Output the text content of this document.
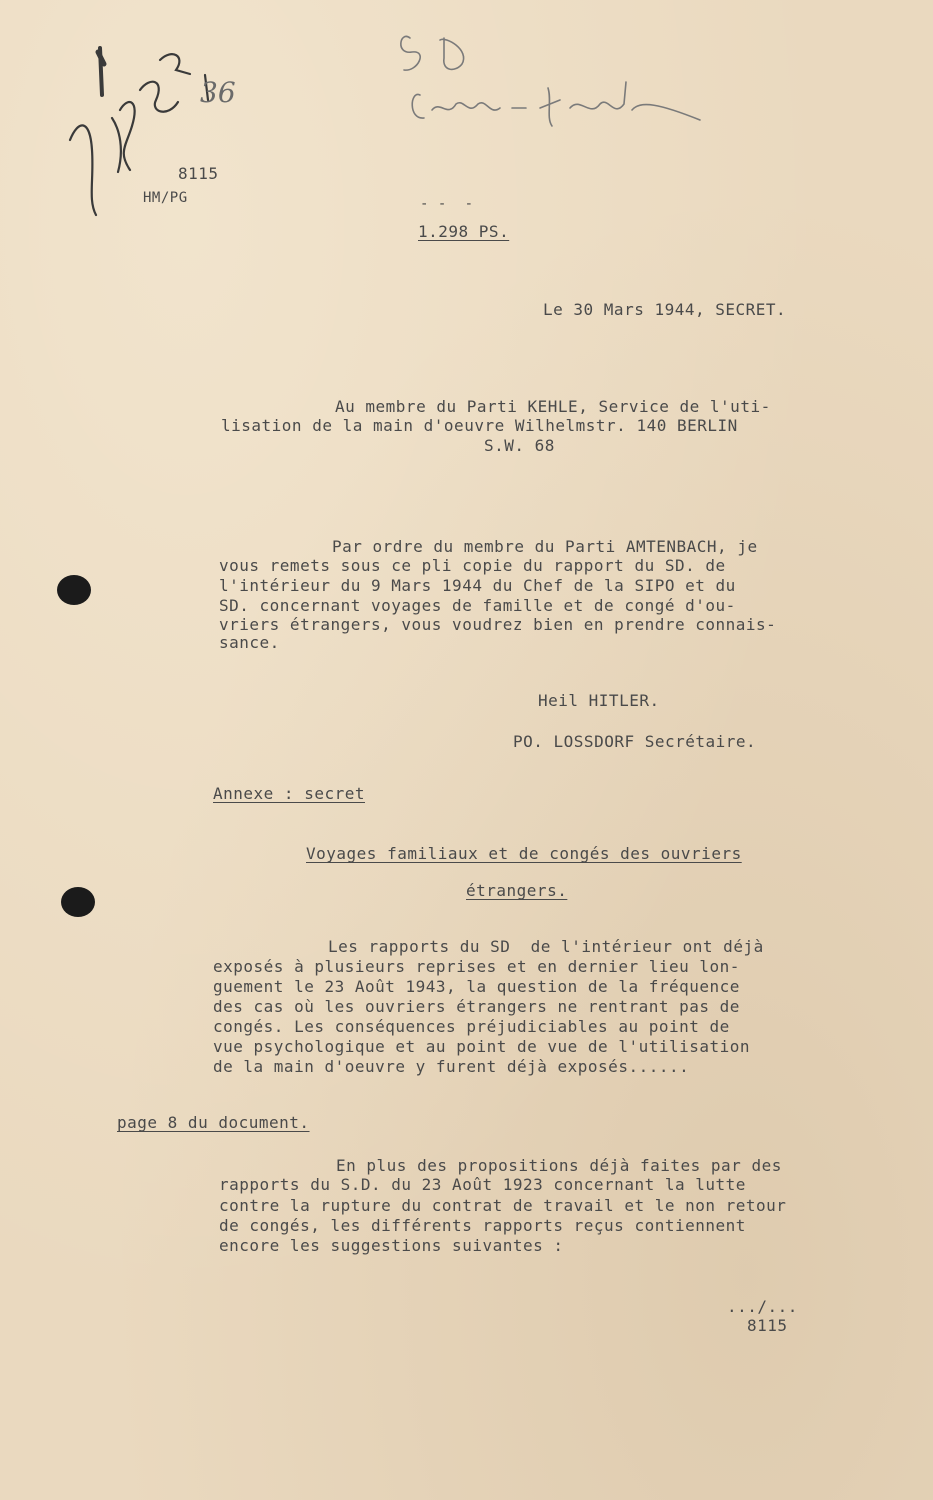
36
8115
HM/PG	- -  -
1.298 PS.
Le 30 Mars 1944, SECRET.
Au membre du Parti KEHLE, Service de l'uti-
lisation de la main d'oeuvre Wilhelmstr. 140 BERLIN
S.W. 68
Par ordre du membre du Parti AMTENBACH, je
vous remets sous ce pli copie du rapport du SD. de
l'intérieur du 9 Mars 1944 du Chef de la SIPO et du
SD. concernant voyages de famille et de congé d'ou-
vriers étrangers, vous voudrez bien en prendre connais-
sance.
Heil HITLER.
PO. LOSSDORF Secrétaire.
Annexe : secret
Voyages familiaux et de congés des ouvriers
étrangers.
Les rapports du SD  de l'intérieur ont déjà
exposés à plusieurs reprises et en dernier lieu lon-
guement le 23 Août 1943, la question de la fréquence
des cas où les ouvriers étrangers ne rentrant pas de
congés. Les conséquences préjudiciables au point de
vue psychologique et au point de vue de l'utilisation
de la main d'oeuvre y furent déjà exposés......
page 8 du document.
En plus des propositions déjà faites par des
rapports du S.D. du 23 Août 1923 concernant la lutte
contre la rupture du contrat de travail et le non retour
de congés, les différents rapports reçus contiennent
encore les suggestions suivantes :
.../...
8115
